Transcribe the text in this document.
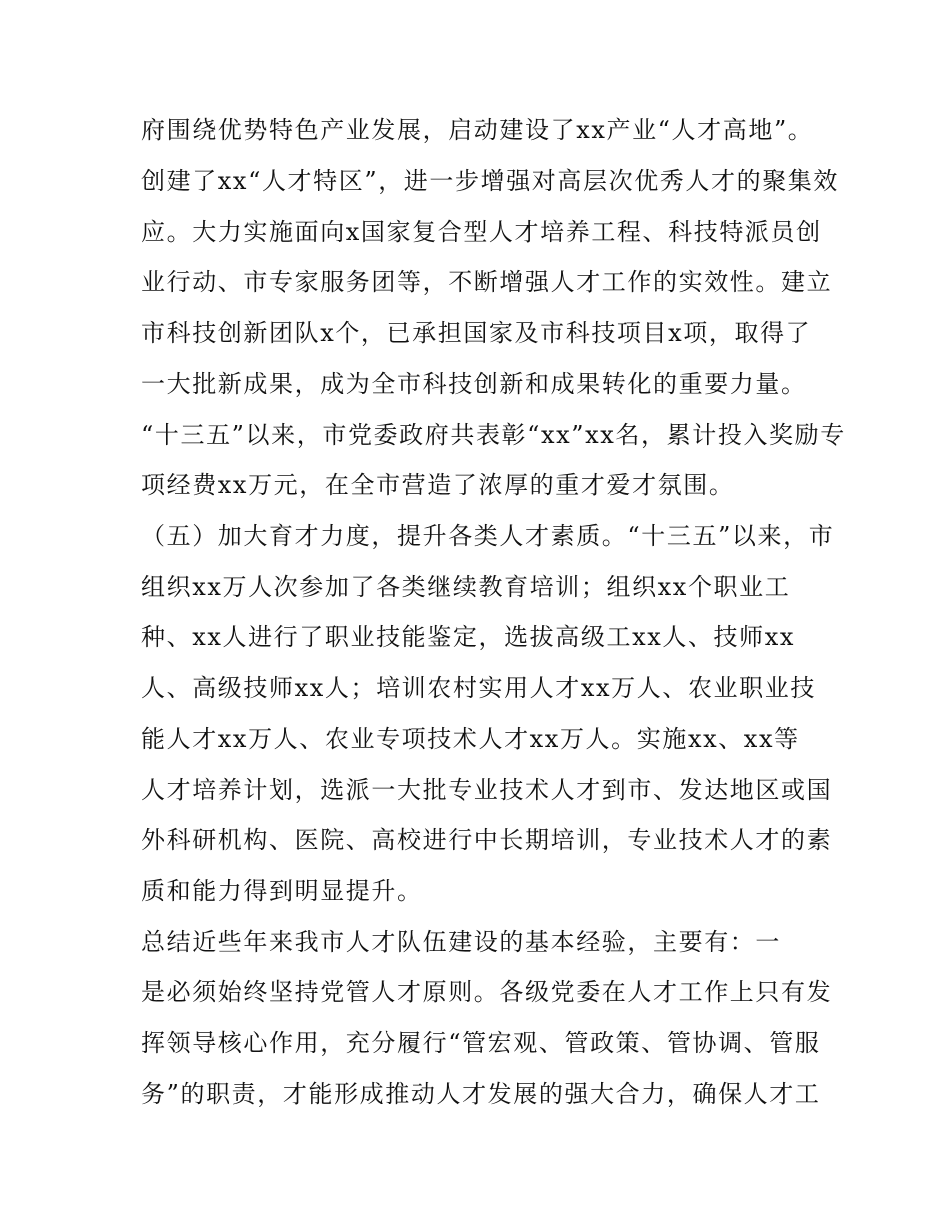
府围绕优势特色产业发展，启动建设了xx产业“人才高地”。
创建了xx“人才特区”，进一步增强对高层次优秀人才的聚集效
应。大力实施面向x国家复合型人才培养工程、科技特派员创
业行动、市专家服务团等，不断增强人才工作的实效性。建立
市科技创新团队x个，已承担国家及市科技项目x项，取得了
一大批新成果，成为全市科技创新和成果转化的重要力量。
“十三五”以来，市党委政府共表彰“xx”xx名，累计投入奖励专
项经费xx万元，在全市营造了浓厚的重才爱才氛围。
（五）加大育才力度，提升各类人才素质。“十三五”以来，市
组织xx万人次参加了各类继续教育培训；组织xx个职业工
种、xx人进行了职业技能鉴定，选拔高级工xx人、技师xx
人、高级技师xx人；培训农村实用人才xx万人、农业职业技
能人才xx万人、农业专项技术人才xx万人。实施xx、xx等
人才培养计划，选派一大批专业技术人才到市、发达地区或国
外科研机构、医院、高校进行中长期培训，专业技术人才的素
质和能力得到明显提升。
总结近些年来我市人才队伍建设的基本经验，主要有：一
是必须始终坚持党管人才原则。各级党委在人才工作上只有发
挥领导核心作用，充分履行“管宏观、管政策、管协调、管服
务”的职责，才能形成推动人才发展的强大合力，确保人才工
